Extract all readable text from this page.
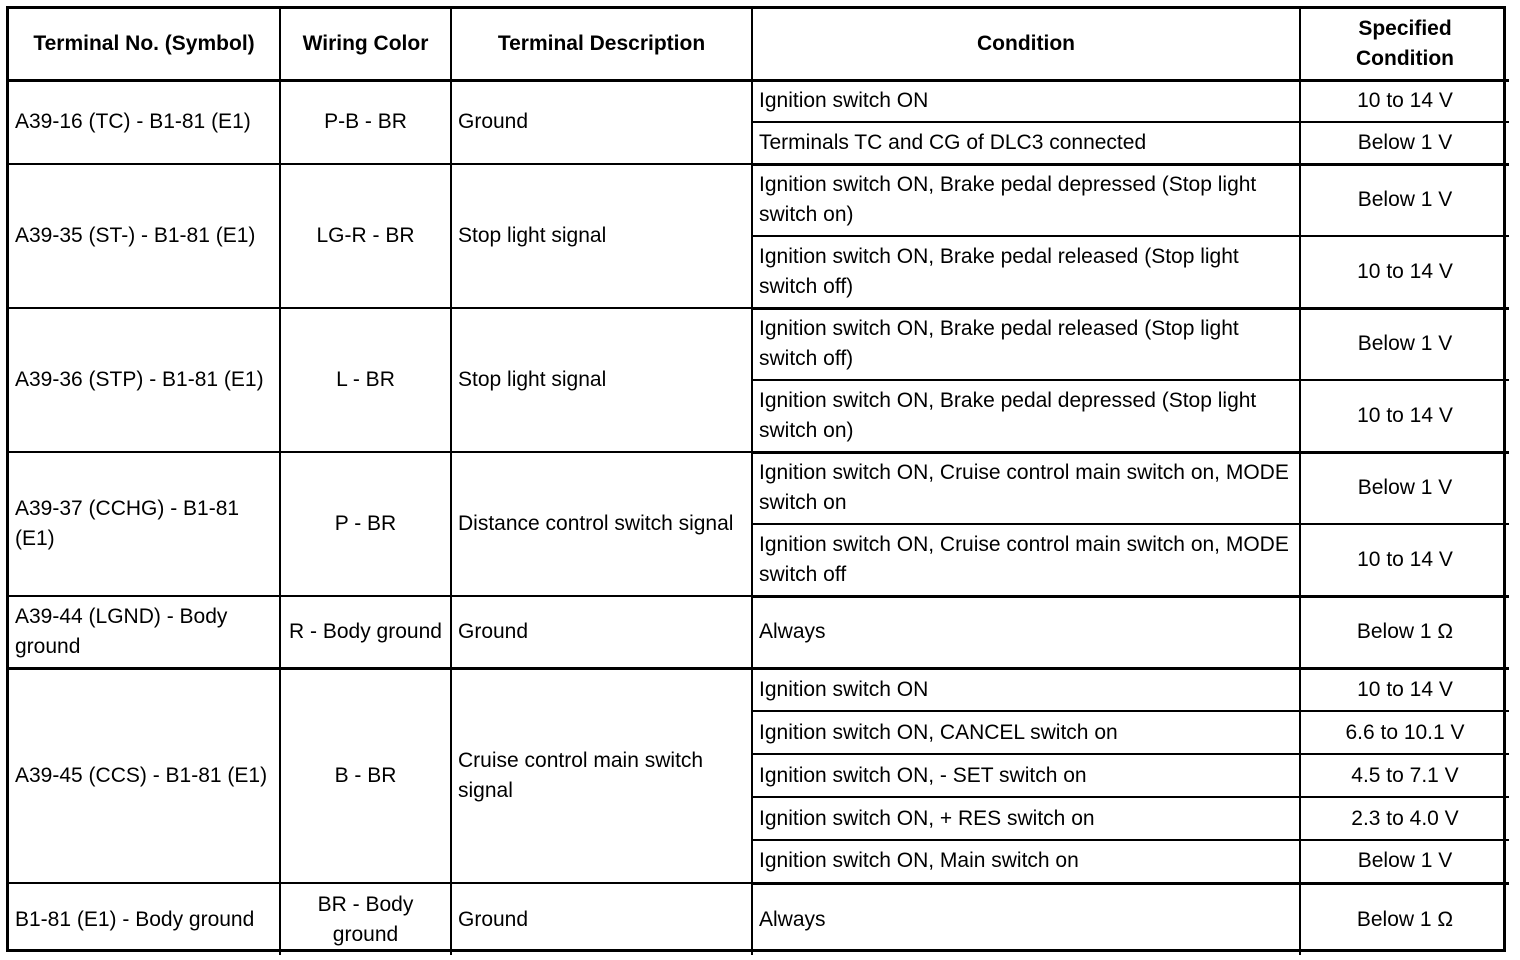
Terminal No. (Symbol)	Wiring Color	Terminal Description	Condition	Specified Condition
A39-16 (TC) - B1-81 (E1)	P-B - BR	Ground	Ignition switch ON	10 to 14 V
			Terminals TC and CG of DLC3 connected	Below 1 V
A39-35 (ST-) - B1-81 (E1)	LG-R - BR	Stop light signal	Ignition switch ON, Brake pedal depressed (Stop light switch on)	Below 1 V
			Ignition switch ON, Brake pedal released (Stop light switch off)	10 to 14 V
A39-36 (STP) - B1-81 (E1)	L - BR	Stop light signal	Ignition switch ON, Brake pedal released (Stop light switch off)	Below 1 V
			Ignition switch ON, Brake pedal depressed (Stop light switch on)	10 to 14 V
A39-37 (CCHG) - B1-81 (E1)	P - BR	Distance control switch signal	Ignition switch ON, Cruise control main switch on, MODE switch on	Below 1 V
			Ignition switch ON, Cruise control main switch on, MODE switch off	10 to 14 V
A39-44 (LGND) - Body ground	R - Body ground	Ground	Always	Below 1 Ω
A39-45 (CCS) - B1-81 (E1)	B - BR	Cruise control main switch signal	Ignition switch ON	10 to 14 V
			Ignition switch ON, CANCEL switch on	6.6 to 10.1 V
			Ignition switch ON, - SET switch on	4.5 to 7.1 V
			Ignition switch ON, + RES switch on	2.3 to 4.0 V
			Ignition switch ON, Main switch on	Below 1 V
B1-81 (E1) - Body ground	BR - Body ground	Ground	Always	Below 1 Ω
